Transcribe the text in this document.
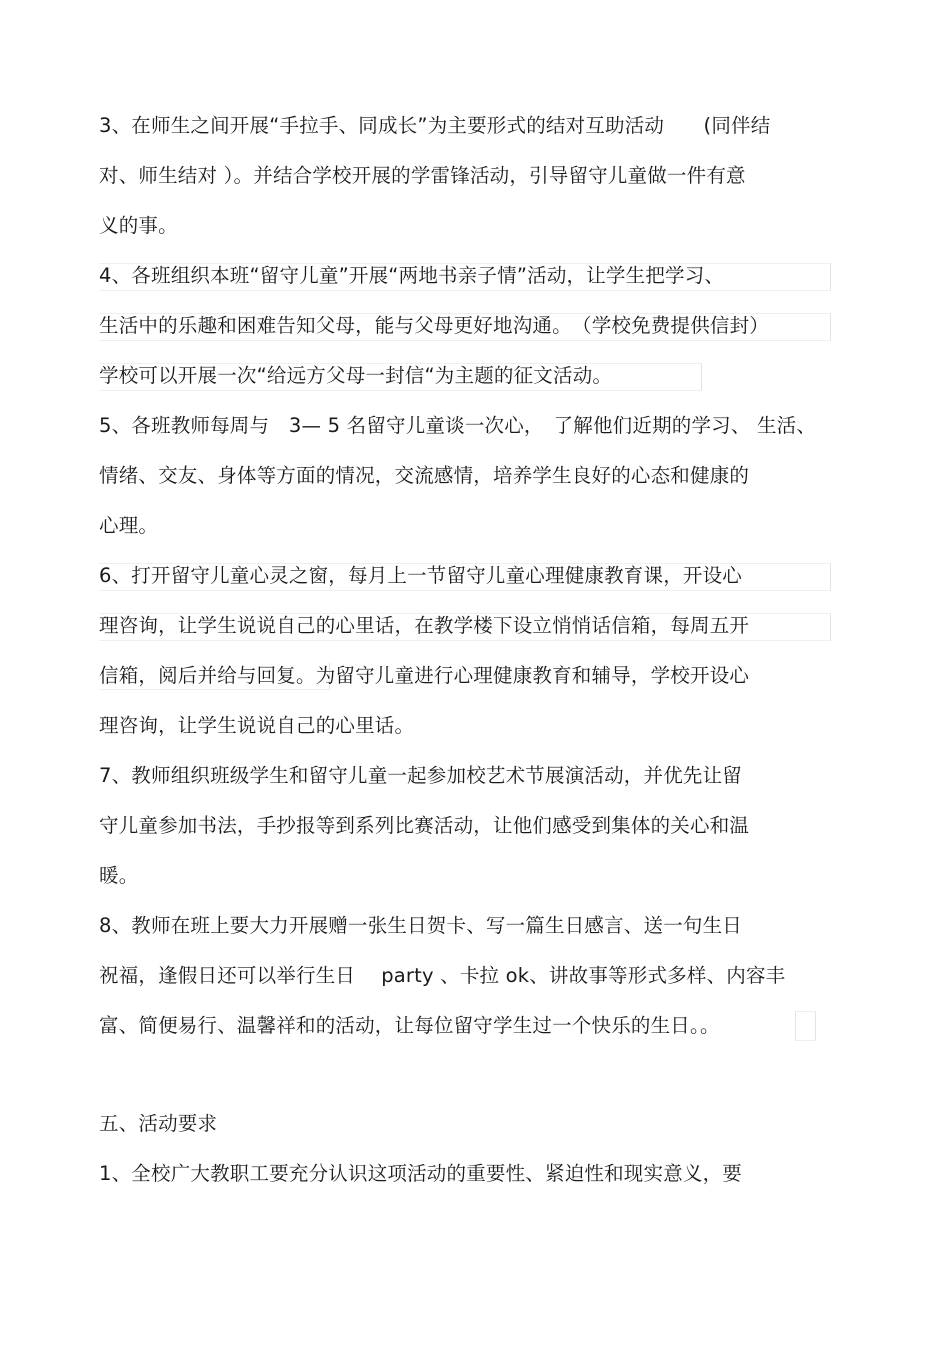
3、在师生之间开展“手拉手、同成长”为主要形式的结对互助活动　　(同伴结
对、师生结对 ）。并结合学校开展的学雷锋活动，引导留守儿童做一件有意
义的事。
4、各班组织本班“留守儿童”开展“两地书亲子情”活动，让学生把学习、
生活中的乐趣和困难告知父母，能与父母更好地沟通。　（学校免费提供信封）
学校可以开展一次“给远方父母一封信“为主题的征文活动。
5、各班教师每周与　3— 5 名留守儿童谈一次心，　了解他们近期的学习、 生活、
情绪、交友、身体等方面的情况，交流感情，培养学生良好的心态和健康的
心理。
6、打开留守儿童心灵之窗，每月上一节留守儿童心理健康教育课，开设心
理咨询，让学生说说自己的心里话，在教学楼下设立悄悄话信箱，每周五开
信箱，阅后并给与回复。为留守儿童进行心理健康教育和辅导，学校开设心
理咨询，让学生说说自己的心里话。
7、教师组织班级学生和留守儿童一起参加校艺术节展演活动，并优先让留
守儿童参加书法，手抄报等到系列比赛活动，让他们感受到集体的关心和温
暖。
8、教师在班上要大力开展赠一张生日贺卡、写一篇生日感言、送一句生日
祝福，逢假日还可以举行生日　 party 、卡拉 ok、讲故事等形式多样、内容丰
富、简便易行、温馨祥和的活动，让每位留守学生过一个快乐的生日。。
五、活动要求
1、全校广大教职工要充分认识这项活动的重要性、紧迫性和现实意义，要
